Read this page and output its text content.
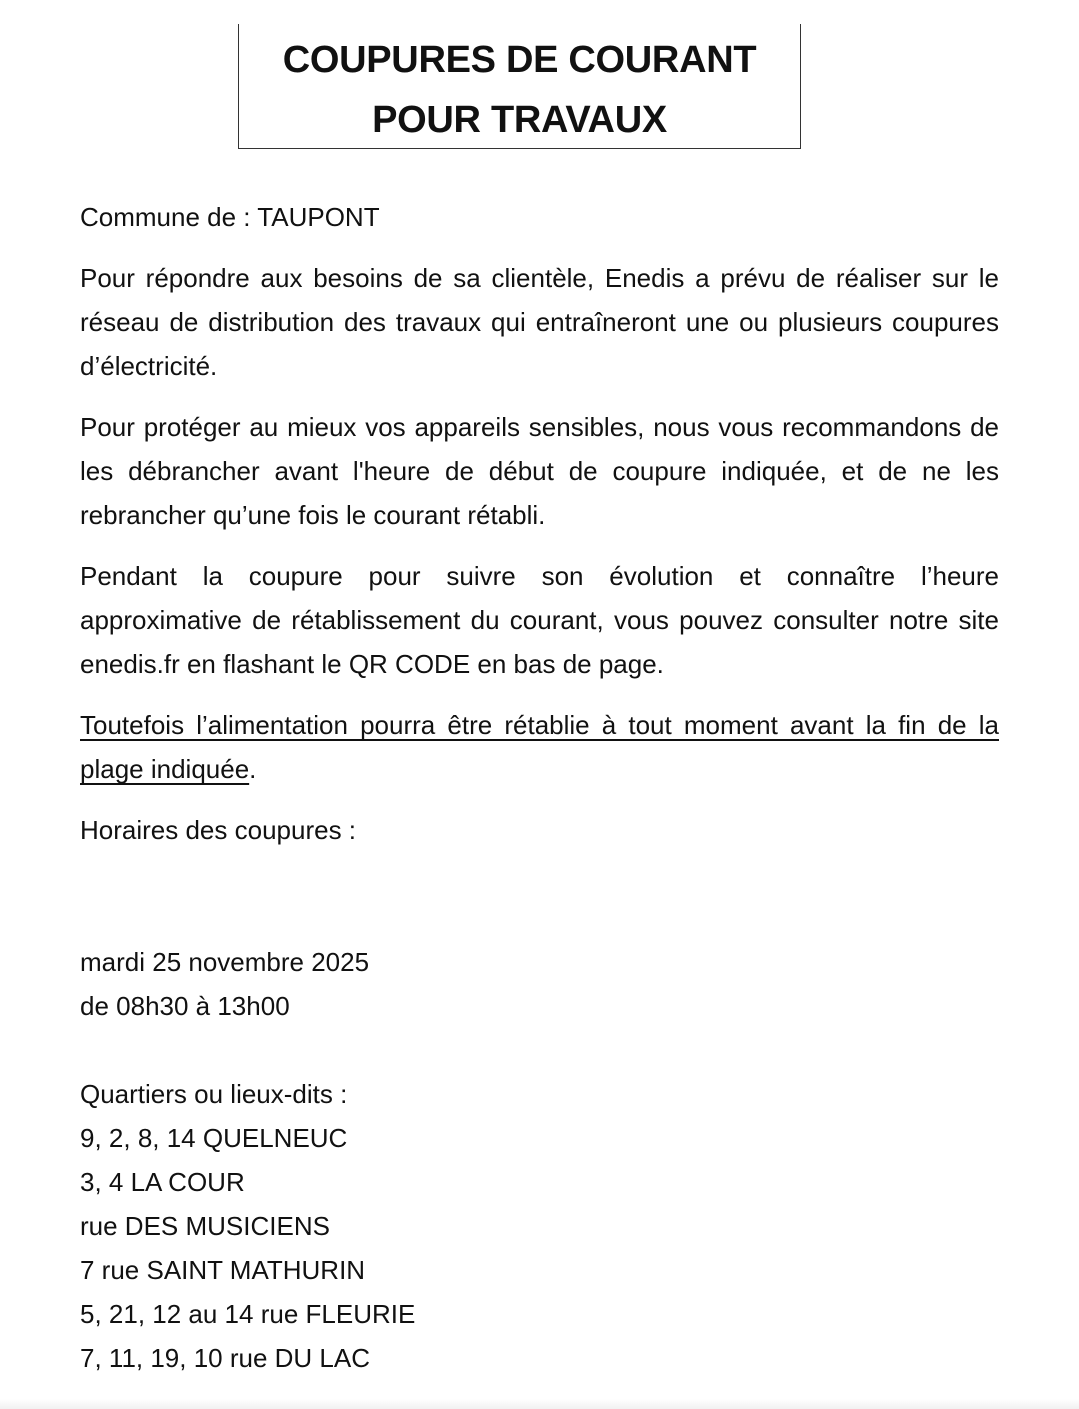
COUPURES DE COURANT
POUR TRAVAUX

Commune de : TAUPONT

Pour répondre aux besoins de sa clientèle, Enedis a prévu de réaliser sur le réseau de distribution des travaux qui entraîneront une ou plusieurs coupures d’électricité.

Pour protéger au mieux vos appareils sensibles, nous vous recommandons de les débrancher avant l'heure de début de coupure indiquée, et de ne les rebrancher qu’une fois le courant rétabli.

Pendant la coupure pour suivre son évolution et connaître l’heure approximative de rétablissement du courant, vous pouvez consulter notre site enedis.fr en flashant le QR CODE en bas de page.

Toutefois l’alimentation pourra être rétablie à tout moment avant la fin de la plage indiquée.

Horaires des coupures :

mardi 25 novembre 2025

de 08h30 à 13h00

Quartiers ou lieux-dits :

9, 2, 8, 14 QUELNEUC

3, 4 LA COUR

rue DES MUSICIENS

7 rue SAINT MATHURIN

5, 21, 12 au 14 rue FLEURIE

7, 11, 19, 10 rue DU LAC
